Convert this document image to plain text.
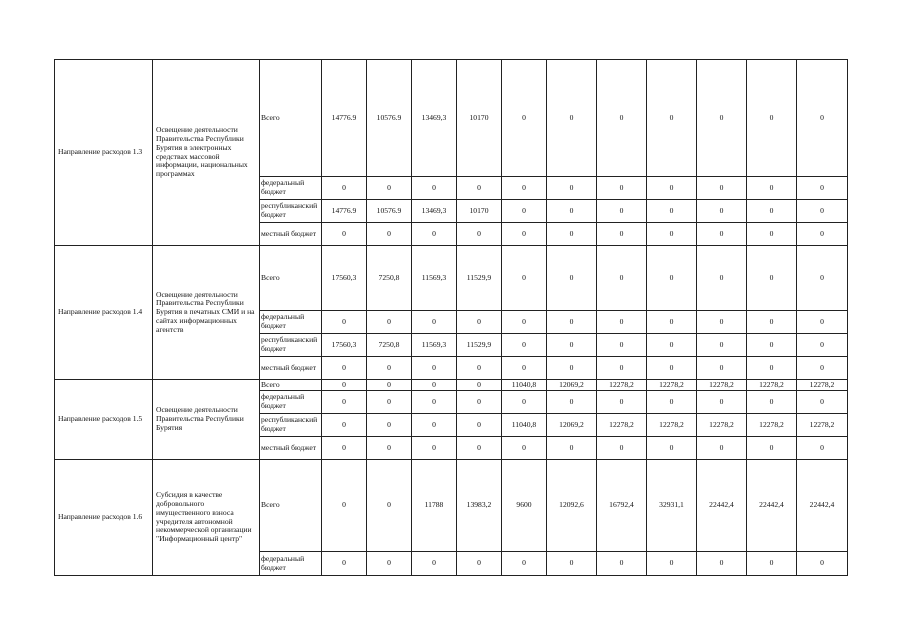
Направление расходов 1.3	Освещение деятельности Правительства Республики Бурятия в электронных средствах массовой информации, национальных программах	Всего	14776.9	10576.9	13469,3	10170	0	0	0	0	0	0	0
		федеральный бюджет	0	0	0	0	0	0	0	0	0	0	0
		республиканский бюджет	14776.9	10576.9	13469,3	10170	0	0	0	0	0	0	0
		местный бюджет	0	0	0	0	0	0	0	0	0	0	0
Направление расходов 1.4	Освещение деятельности Правительства Республики Бурятия в печатных СМИ и на сайтах информационных агентств	Всего	17560,3	7250,8	11569,3	11529,9	0	0	0	0	0	0	0
		федеральный бюджет	0	0	0	0	0	0	0	0	0	0	0
		республиканский бюджет	17560,3	7250,8	11569,3	11529,9	0	0	0	0	0	0	0
		местный бюджет	0	0	0	0	0	0	0	0	0	0	0
Направление расходов 1.5	Освещение деятельности Правительства Республики Бурятия	Всего	0	0	0	0	11040,8	12069,2	12278,2	12278,2	12278,2	12278,2	12278,2
		федеральный бюджет	0	0	0	0	0	0	0	0	0	0	0
		республиканский бюджет	0	0	0	0	11040,8	12069,2	12278,2	12278,2	12278,2	12278,2	12278,2
		местный бюджет	0	0	0	0	0	0	0	0	0	0	0
Направление расходов 1.6	Субсидия в качестве добровольного имущественного взноса учредителя автономной некоммерческой организации "Информационный центр"	Всего	0	0	11788	13983,2	9600	12092,6	16792,4	32931,1	22442,4	22442,4	22442,4
		федеральный бюджет	0	0	0	0	0	0	0	0	0	0	0
